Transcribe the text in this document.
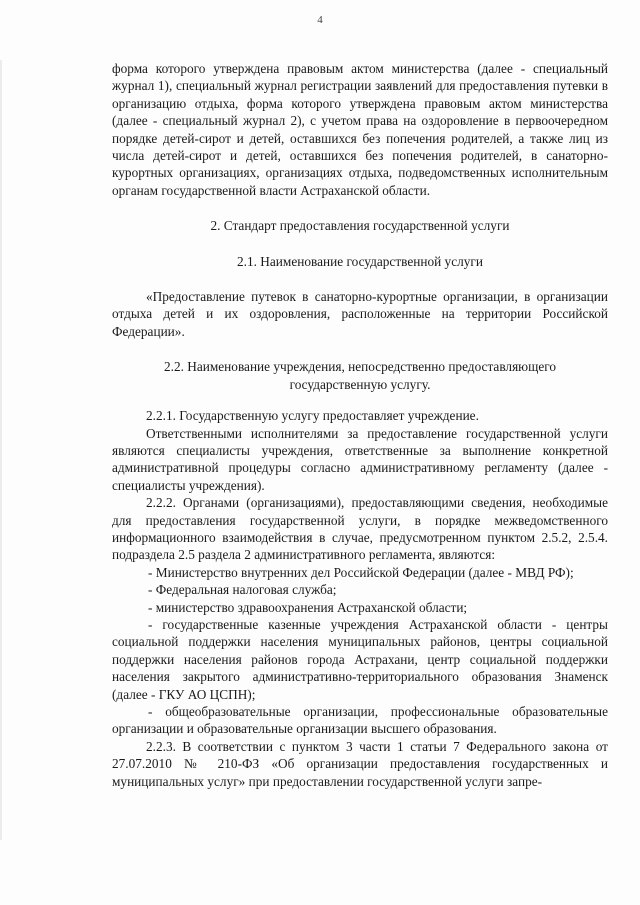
4

форма которого утверждена правовым актом министерства (далее - специальный журнал 1), специальный журнал регистрации заявлений для предоставления путевки в организацию отдыха, форма которого утверждена правовым актом министерства (далее - специальный журнал 2), с учетом права на оздоровление в первоочередном порядке детей-сирот и детей, оставшихся без попечения родителей, а также лиц из числа детей-сирот и детей, оставшихся без попечения родителей, в санаторно-курортных организациях, организациях отдыха, подведомственных исполнительным органам государственной власти Астраханской области.

2. Стандарт предоставления государственной услуги

2.1. Наименование государственной услуги

«Предоставление путевок в санаторно-курортные организации, в организации отдыха детей и их оздоровления, расположенные на территории Российской Федерации».

2.2. Наименование учреждения, непосредственно предоставляющего государственную услугу.

2.2.1. Государственную услугу предоставляет учреждение.

Ответственными исполнителями за предоставление государственной услуги являются специалисты учреждения, ответственные за выполнение конкретной административной процедуры согласно административному регламенту (далее - специалисты учреждения).

2.2.2. Органами (организациями), предоставляющими сведения, необходимые для предоставления государственной услуги, в порядке межведомственного информационного взаимодействия в случае, предусмотренном пунктом 2.5.2, 2.5.4. подраздела 2.5 раздела 2 административного регламента, являются:

- Министерство внутренних дел Российской Федерации (далее - МВД РФ);

- Федеральная налоговая служба;

- министерство здравоохранения Астраханской области;

- государственные казенные учреждения Астраханской области - центры социальной поддержки населения муниципальных районов, центры социальной поддержки населения районов города Астрахани, центр социальной поддержки населения закрытого административно-территориального образования Знаменск (далее - ГКУ АО ЦСПН);

- общеобразовательные организации, профессиональные образовательные организации и образовательные организации высшего образования.

2.2.3. В соответствии с пунктом 3 части 1 статьи 7 Федерального закона от 27.07.2010 № 210-ФЗ «Об организации предоставления государственных и муниципальных услуг» при предоставлении государственной услуги запре-
